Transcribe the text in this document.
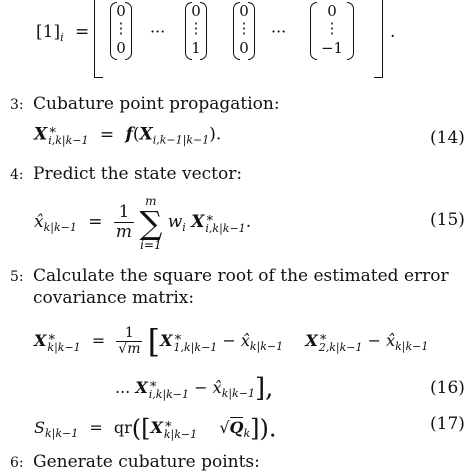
$[1]_i$ =
0
⋮
0
···
0
⋮
1
0
⋮
0
···
0
⋮
−1
.
3: Cubature point propagation:
X ∗
$i,k|k-1 = f(X_{i,k-1|k-1})$.	(14)
4: Predict the state vector:
$x̂_{k|k-1} = \frac{1}{m}$

m
∑
i=1
$w_i$ X ∗
i,k|k−1 .	(15)
5: Calculate the square root of the estimated error
covariance matrix:
X ∗
$k|k-1 = \frac{1}{√m} [X$ ∗
$1,k|k-1 - x̂_{k|k-1}$ X ∗
$2,k|k-1 - x̂_{k|k-1}$
... X ∗
$i,k|k-1 - x̂_{k|k-1}$],	(16)
$S_{k|k-1} = qr([X$ ∗
k|k−1 $√Q_k$]).	(17)
6: Generate cubature points:
